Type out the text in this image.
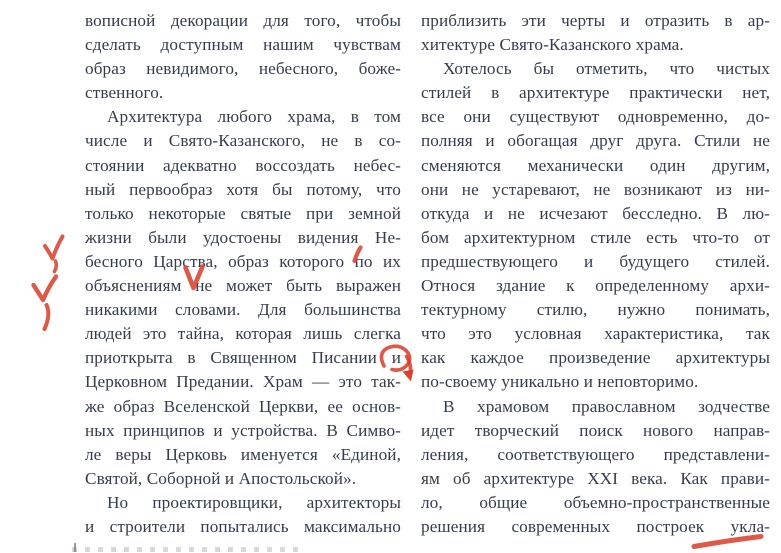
вописной декорации для того, чтобы
сделать доступным нашим чувствам
образ невидимого, небесного, боже-
ственного.
Архитектура любого храма, в том
числе и Свято-Казанского, не в со-
стоянии адекватно воссоздать небес-
ный первообраз хотя бы потому, что
только некоторые святые при земной
жизни были удостоены видения Не-
бесного Царства, образ которого по их
объяснениям не может быть выражен
никакими словами. Для большинства
людей это тайна, которая лишь слегка
приоткрыта в Священном Писании и
Церковном Предании. Храм — это так-
же образ Вселенской Церкви, ее основ-
ных принципов и устройства. В Симво-
ле веры Церковь именуется «Единой,
Святой, Соборной и Апостольской».
Но проектировщики, архитекторы
и строители попытались максимально
приблизить эти черты и отразить в ар-
хитектуре Свято-Казанского храма.
Хотелось бы отметить, что чистых
стилей в архитектуре практически нет,
все они существуют одновременно, до-
полняя и обогащая друг друга. Стили не
сменяются механически один другим,
они не устаревают, не возникают из ни-
откуда и не исчезают бесследно. В лю-
бом архитектурном стиле есть что-то от
предшествующего и будущего стилей.
Относя здание к определенному архи-
тектурному стилю, нужно понимать,
что это условная характеристика, так
как каждое произведение архитектуры
по-своему уникально и неповторимо.
В храмовом православном зодчестве
идет творческий поиск нового направ-
ления, соответствующего представлени-
ям об архитектуре XXI века. Как прави-
ло, общие объемно-пространственные
решения современных построек укла-
